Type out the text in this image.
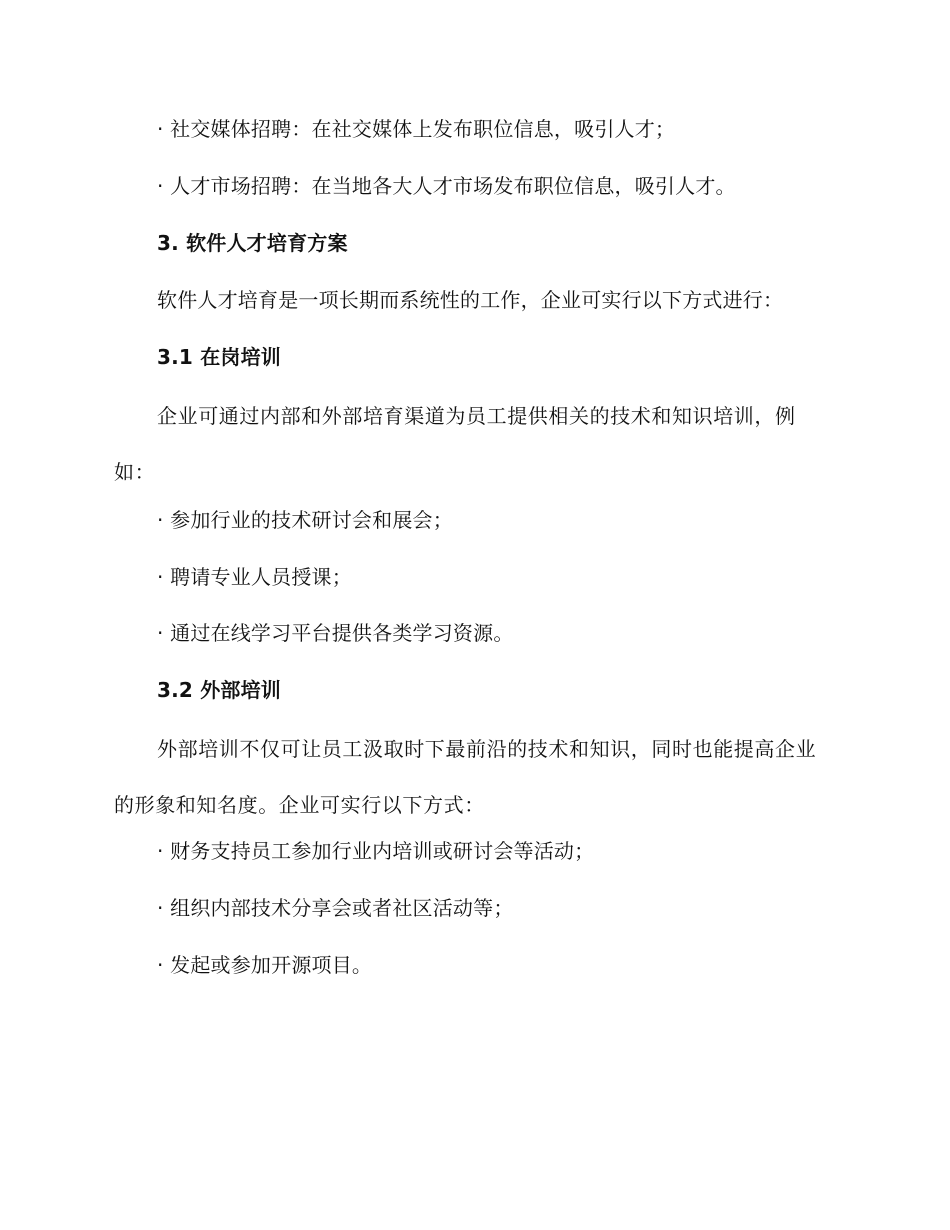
· 社交媒体招聘：在社交媒体上发布职位信息，吸引人才；
· 人才市场招聘：在当地各大人才市场发布职位信息，吸引人才。
3. 软件人才培育方案
软件人才培育是一项长期而系统性的工作，企业可实行以下方式进行：
3.1 在岗培训
企业可通过内部和外部培育渠道为员工提供相关的技术和知识培训，例如：
· 参加行业的技术研讨会和展会；
· 聘请专业人员授课；
· 通过在线学习平台提供各类学习资源。
3.2 外部培训
外部培训不仅可让员工汲取时下最前沿的技术和知识，同时也能提高企业的形象和知名度。企业可实行以下方式：
· 财务支持员工参加行业内培训或研讨会等活动；
· 组织内部技术分享会或者社区活动等；
· 发起或参加开源项目。
